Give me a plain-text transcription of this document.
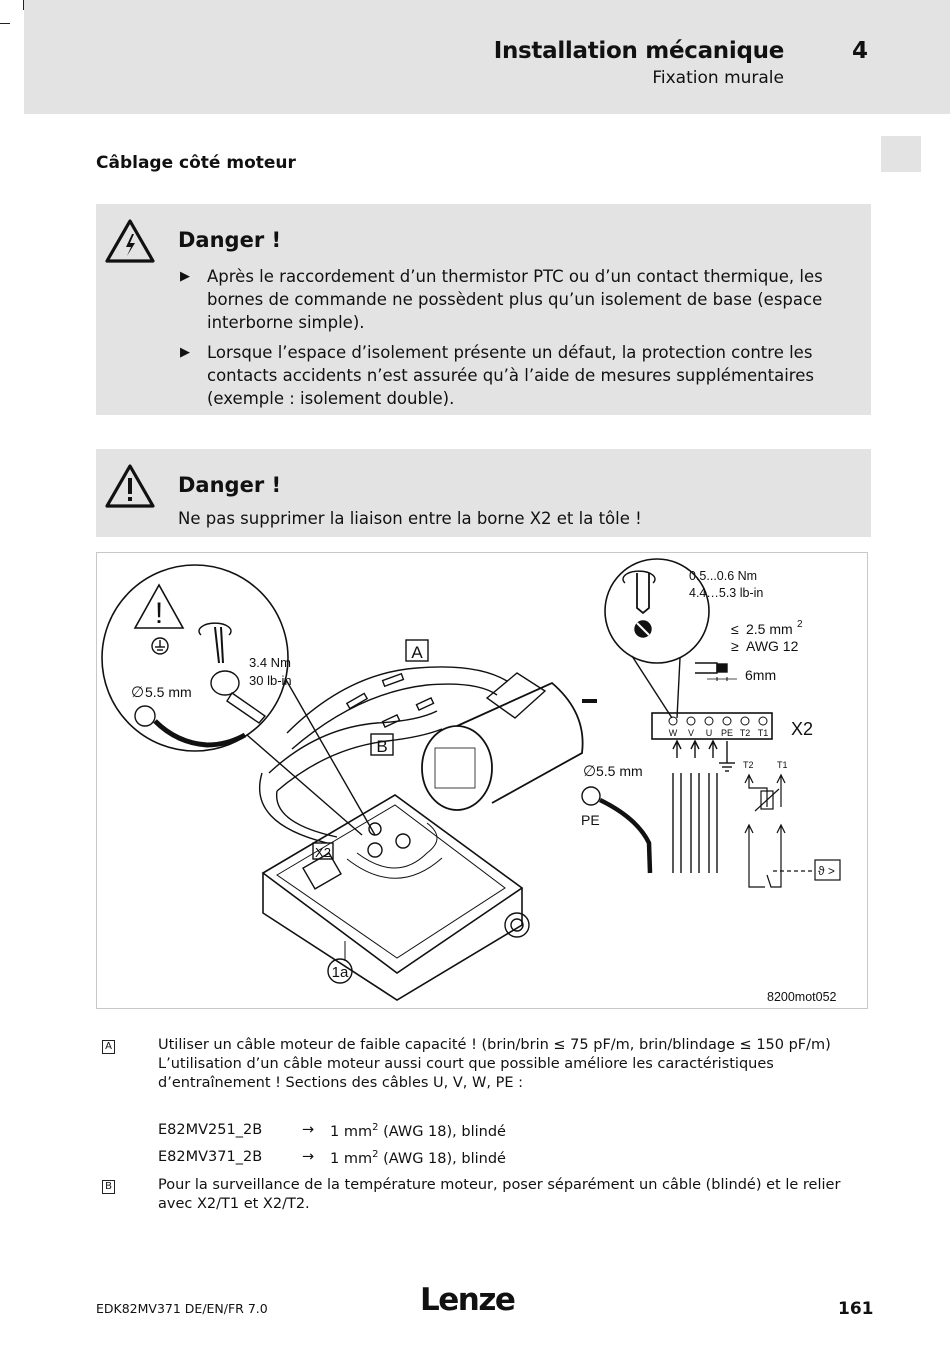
Installation mécanique
Fixation murale
4
Câblage côté moteur
Danger !
▶ Après le raccordement d’un thermistor PTC ou d’un contact thermique, les bornes de commande ne possèdent plus qu’un isolement de base (espace interborne simple).
▶ Lorsque l’espace d’isolement présente un défaut, la protection contre les contacts accidents n’est assurée qu’à l’aide de mesures supplémentaires (exemple : isolement double).
Danger !
Ne pas supprimer la liaison entre la borne X2 et la tôle !
!
A
B
X2
1a
3.4 Nm
30 lb-in
∅ 5.5 mm
0.5...0.6 Nm
4.4…5.3 lb-in
≤ 2.5 mm 2
≥ AWG 12
6mm
W V U PE T2 T1 X2
T2	T1
ϑ >
∅ 5.5 mm
PE
8200mot052
A	Utiliser un câble moteur de faible capacité ! (brin/brin ≤ 75 pF/m, brin/blindage ≤ 150 pF/m) L’utilisation d’un câble moteur aussi court que possible améliore les caractéristiques d’entraînement ! Sections des câbles U, V, W, PE :
E82MV251_2B	→ 1 $mm^2$ (AWG 18), blindé
E82MV371_2B	→ 1 $mm^2$ (AWG 18), blindé
B	Pour la surveillance de la température moteur, poser séparément un câble (blindé) et le relier avec X2/T1 et X2/T2.
EDK82MV371 DE/EN/FR 7.0	Lenze	161
